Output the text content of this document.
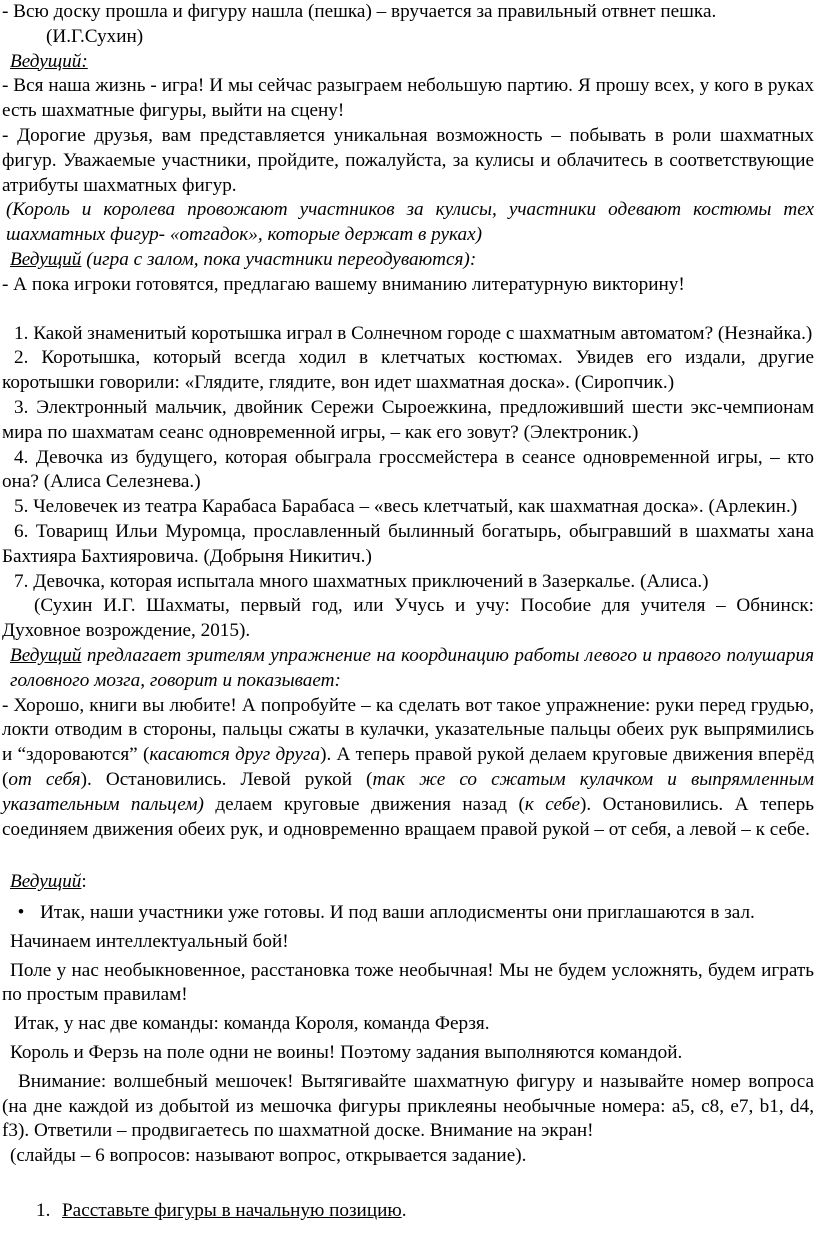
- Всю доску прошла и фигуру нашла (пешка) – вручается за правильный отвнет пешка.

(И.Г.Сухин)

Ведущий:

- Вся наша жизнь - игра! И мы сейчас разыграем небольшую партию. Я прошу всех, у кого в руках есть шахматные фигуры, выйти на сцену!

- Дорогие друзья, вам представляется уникальная возможность – побывать в роли шахматных фигур. Уважаемые участники, пройдите, пожалуйста, за кулисы и облачитесь в соответствующие атрибуты шахматных фигур.

(Король и королева провожают участников за кулисы, участники одевают костюмы тех шахматных фигур- «отгадок», которые держат в руках)

Ведущий (игра с залом, пока участники переодуваются):

- А пока игроки готовятся, предлагаю вашему вниманию литературную викторину!

1. Какой знаменитый коротышка играл в Солнечном городе с шахматным автоматом? (Незнайка.)

2. Коротышка, который всегда ходил в клетчатых костюмах. Увидев его издали, другие коротышки говорили: «Глядите, глядите, вон идет шахматная доска». (Сиропчик.)

3. Электронный мальчик, двойник Сережи Сыроежкина, предложивший шести экс-чемпионам мира по шахматам сеанс одновременной игры, – как его зовут? (Электроник.)

4. Девочка из будущего, которая обыграла гроссмейстера в сеансе одновременной игры, – кто она? (Алиса Селезнева.)

5. Человечек из театра Карабаса Барабаса – «весь клетчатый, как шахматная доска». (Арлекин.)

6. Товарищ Ильи Муромца, прославленный былинный богатырь, обыгравший в шахматы хана Бахтияра Бахтияровича. (Добрыня Никитич.)

7. Девочка, которая испытала много шахматных приключений в Зазеркалье. (Алиса.)

(Сухин И.Г. Шахматы, первый год, или Учусь и учу: Пособие для учителя – Обнинск: Духовное возрождение, 2015).

Ведущий предлагает зрителям упражнение на координацию работы левого и правого полушария головного мозга, говорит и показывает:

- Хорошо, книги вы любите! А попробуйте – ка сделать вот такое упражнение: руки перед грудью, локти отводим в стороны, пальцы сжаты в кулачки, указательные пальцы обеих рук выпрямились и “здороваются” (касаются друг друга). А теперь правой рукой делаем круговые движения вперёд (от себя). Остановились. Левой рукой (так же со сжатым кулачком и выпрямленным указательным пальцем) делаем круговые движения назад (к себе). Остановились. А теперь соединяем движения обеих рук, и одновременно вращаем правой рукой – от себя, а левой – к себе.

Ведущий:

• Итак, наши участники уже готовы. И под ваши аплодисменты они приглашаются в зал.

Начинаем интеллектуальный бой!

Поле у нас необыкновенное, расстановка тоже необычная! Мы не будем усложнять, будем играть по простым правилам!

Итак, у нас две команды: команда Короля, команда Ферзя.

Король и Ферзь на поле одни не воины! Поэтому задания выполняются командой.

Внимание: волшебный мешочек! Вытягивайте шахматную фигуру и называйте номер вопроса (на дне каждой из добытой из мешочка фигуры приклеяны необычные номера: а5, с8, е7, b1, d4, f3). Ответили – продвигаетесь по шахматной доске. Внимание на экран!

(слайды – 6 вопросов: называют вопрос, открывается задание).

1. Расставьте фигуры в начальную позицию.
